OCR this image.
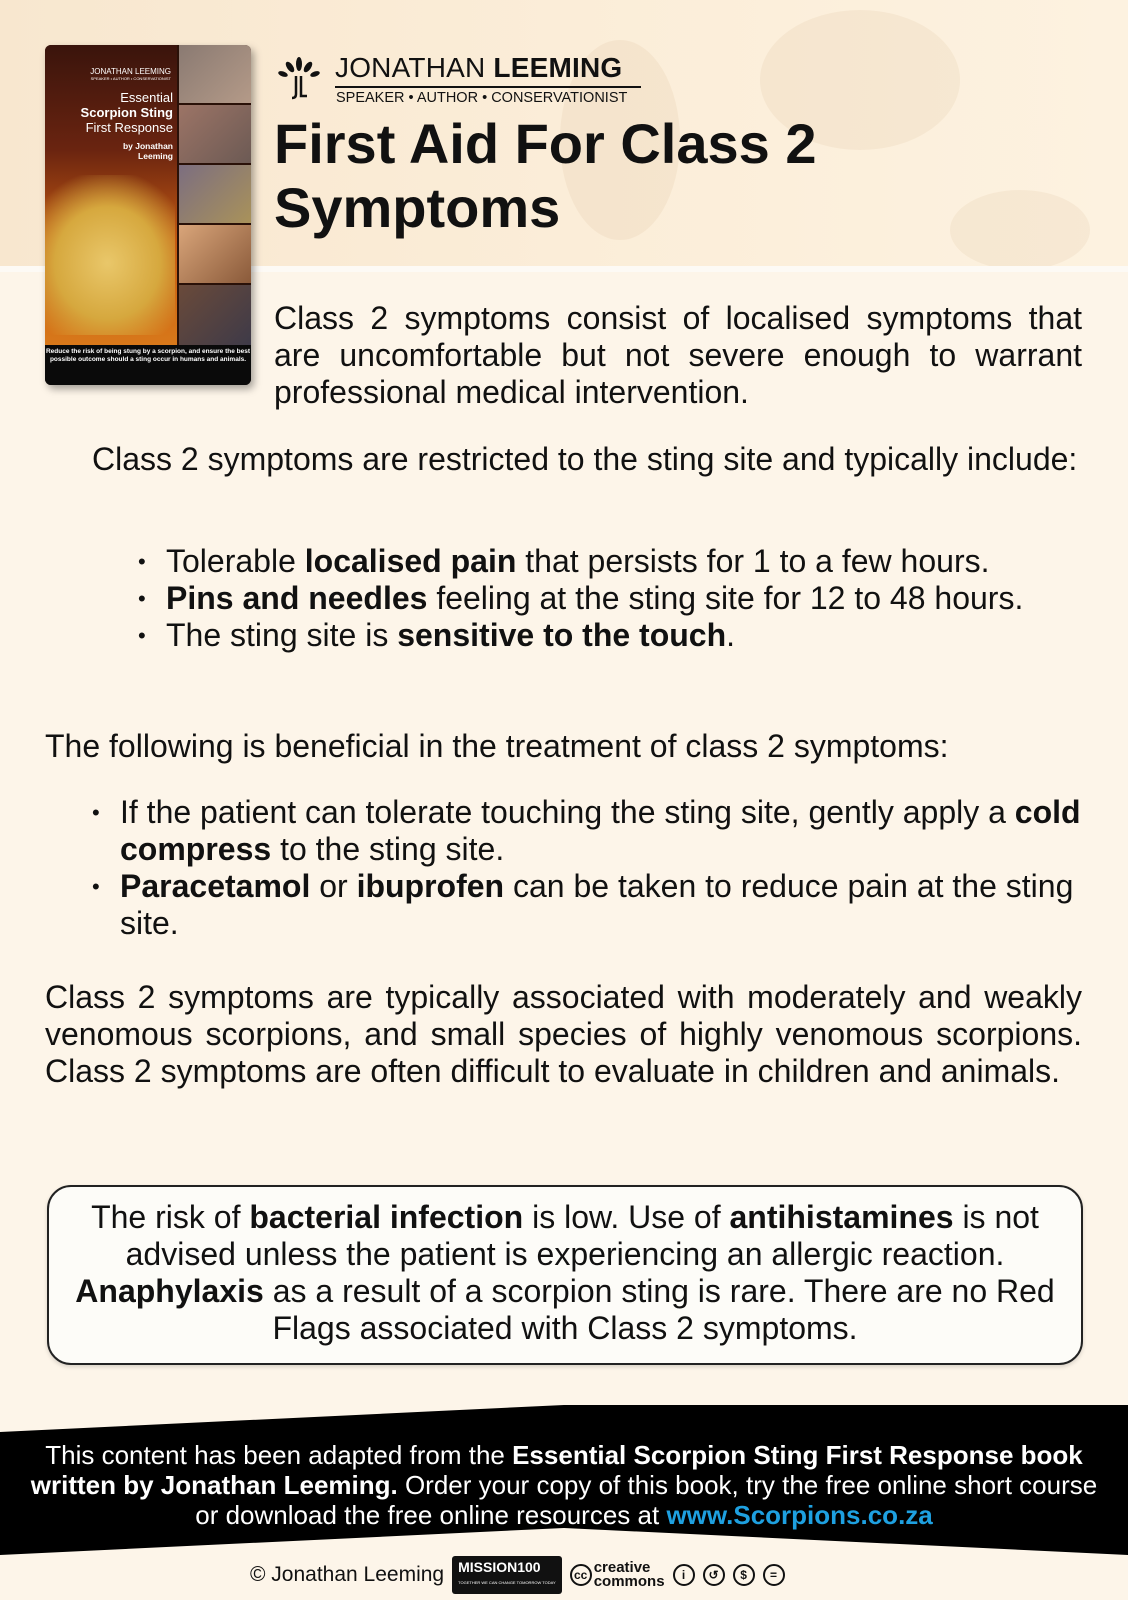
JONATHAN LEEMING
SPEAKER • AUTHOR • CONSERVATIONIST
Essential
Scorpion Sting
First Response
by Jonathan
Leeming
Reduce the risk of being stung by a scorpion, and ensure the best possible outcome should a sting occur in humans and animals.
JONATHAN LEEMING
SPEAKER • AUTHOR • CONSERVATIONIST
First Aid For Class 2 Symptoms
Class 2 symptoms consist of localised symptoms that are uncomfortable but not severe enough to warrant professional medical intervention.
Class 2 symptoms are restricted to the sting site and typically include:
• Tolerable localised pain that persists for 1 to a few hours.
• Pins and needles feeling at the sting site for 12 to 48 hours.
• The sting site is sensitive to the touch.
The following is beneficial in the treatment of class 2 symptoms:
• If the patient can tolerate touching the sting site, gently apply a cold compress to the sting site.
• Paracetamol or ibuprofen can be taken to reduce pain at the sting site.
Class 2 symptoms are typically associated with moderately and weakly venomous scorpions, and small species of highly venomous scorpions. Class 2 symptoms are often difficult to evaluate in children and animals.
The risk of bacterial infection is low. Use of antihistamines is not advised unless the patient is experiencing an allergic reaction. Anaphylaxis as a result of a scorpion sting is rare. There are no Red Flags associated with Class 2 symptoms.
This content has been adapted from the Essential Scorpion Sting First Response book written by Jonathan Leeming. Order your copy of this book, try the free online short course or download the free online resources at www.Scorpions.co.za
© Jonathan Leeming	MISSION100
TOGETHER WE CAN CHANGE TOMORROW TODAY
cc creative
commons	i	↺	$	=
